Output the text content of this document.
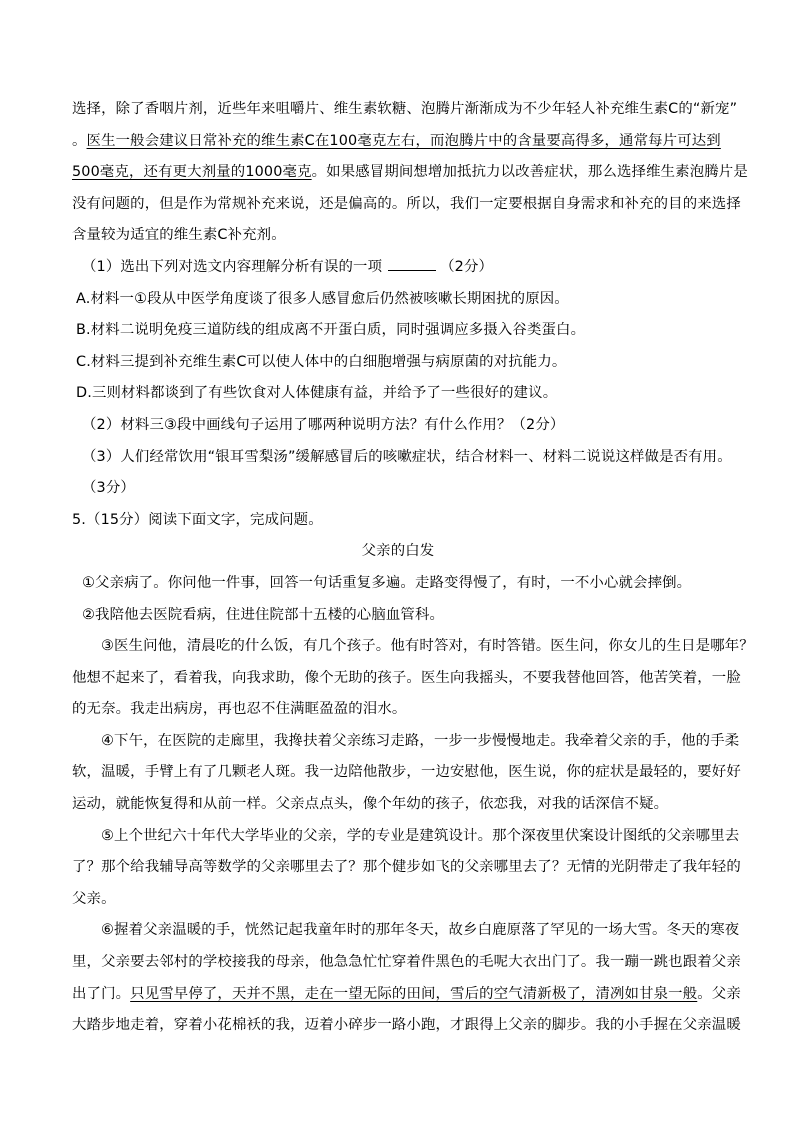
选择，除了香咽片剂，近些年来咀嚼片、维生素软糖、泡腾片渐渐成为不少年轻人补充维生素C的“新宠”
。医生一般会建议日常补充的维生素C在100毫克左右，而泡腾片中的含量要高得多，通常每片可达到
500毫克，还有更大剂量的1000毫克。如果感冒期间想增加抵抗力以改善症状，那么选择维生素泡腾片是
没有问题的，但是作为常规补充来说，还是偏高的。所以，我们一定要根据自身需求和补充的目的来选择
含量较为适宜的维生素C补充剂。
（1）选出下列对选文内容理解分析有误的一项	（2分）
A.材料一①段从中医学角度谈了很多人感冒愈后仍然被咳嗽长期困扰的原因。
B.材料二说明免疫三道防线的组成离不开蛋白质，同时强调应多摄入谷类蛋白。
C.材料三提到补充维生素C可以使人体中的白细胞增强与病原菌的对抗能力。
D.三则材料都谈到了有些饮食对人体健康有益，并给予了一些很好的建议。
（2）材料三③段中画线句子运用了哪两种说明方法？有什么作用？（2分）
（3）人们经常饮用“银耳雪梨汤”缓解感冒后的咳嗽症状，结合材料一、材料二说说这样做是否有用。
（3分）
5.（15分）阅读下面文字，完成问题。
父亲的白发
①父亲病了。你问他一件事，回答一句话重复多遍。走路变得慢了，有时，一不小心就会摔倒。
②我陪他去医院看病，住进住院部十五楼的心脑血管科。
③医生问他，清晨吃的什么饭，有几个孩子。他有时答对，有时答错。医生问，你女儿的生日是哪年？
他想不起来了，看着我，向我求助，像个无助的孩子。医生向我摇头，不要我替他回答，他苦笑着，一脸
的无奈。我走出病房，再也忍不住满眶盈盈的泪水。
④下午，在医院的走廊里，我搀扶着父亲练习走路，一步一步慢慢地走。我牵着父亲的手，他的手柔
软，温暖，手臂上有了几颗老人斑。我一边陪他散步，一边安慰他，医生说，你的症状是最轻的，要好好
运动，就能恢复得和从前一样。父亲点点头，像个年幼的孩子，依恋我，对我的话深信不疑。
⑤上个世纪六十年代大学毕业的父亲，学的专业是建筑设计。那个深夜里伏案设计图纸的父亲哪里去
了？那个给我辅导高等数学的父亲哪里去了？那个健步如飞的父亲哪里去了？无情的光阴带走了我年轻的
父亲。
⑥握着父亲温暖的手，恍然记起我童年时的那年冬天，故乡白鹿原落了罕见的一场大雪。冬天的寒夜
里，父亲要去邻村的学校接我的母亲，他急急忙忙穿着件黑色的毛呢大衣出门了。我一蹦一跳也跟着父亲
出了门。只见雪早停了，天并不黑，走在一望无际的田间，雪后的空气清新极了，清冽如甘泉一般。父亲
大踏步地走着，穿着小花棉袄的我，迈着小碎步一路小跑，才跟得上父亲的脚步。我的小手握在父亲温暖
